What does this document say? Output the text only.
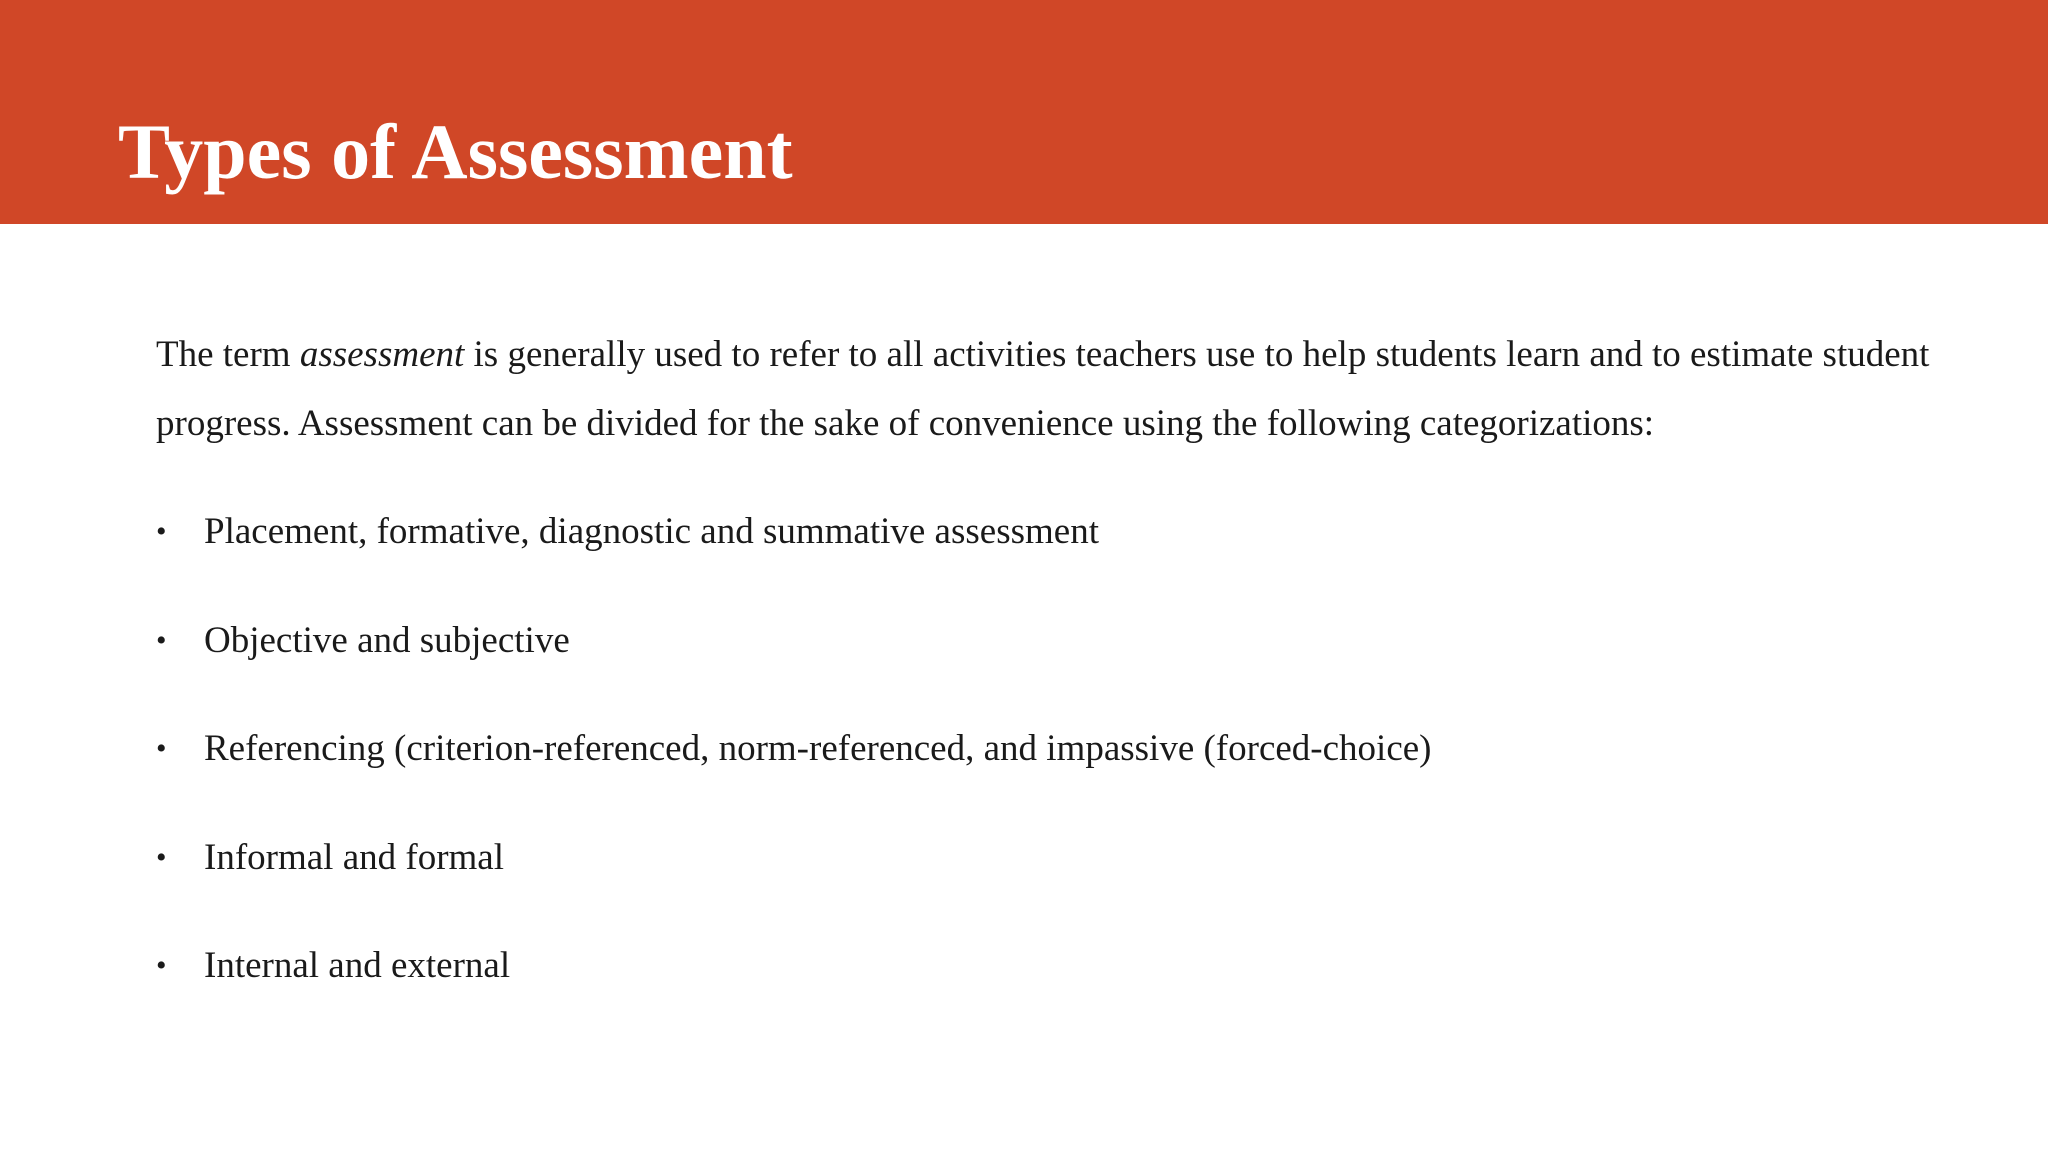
Types of Assessment

The term assessment is generally used to refer to all activities teachers use to help students learn and to estimate student progress. Assessment can be divided for the sake of convenience using the following categorizations:

• Placement, formative, diagnostic and summative assessment
• Objective and subjective
• Referencing (criterion-referenced, norm-referenced, and impassive (forced-choice)
• Informal and formal
• Internal and external
